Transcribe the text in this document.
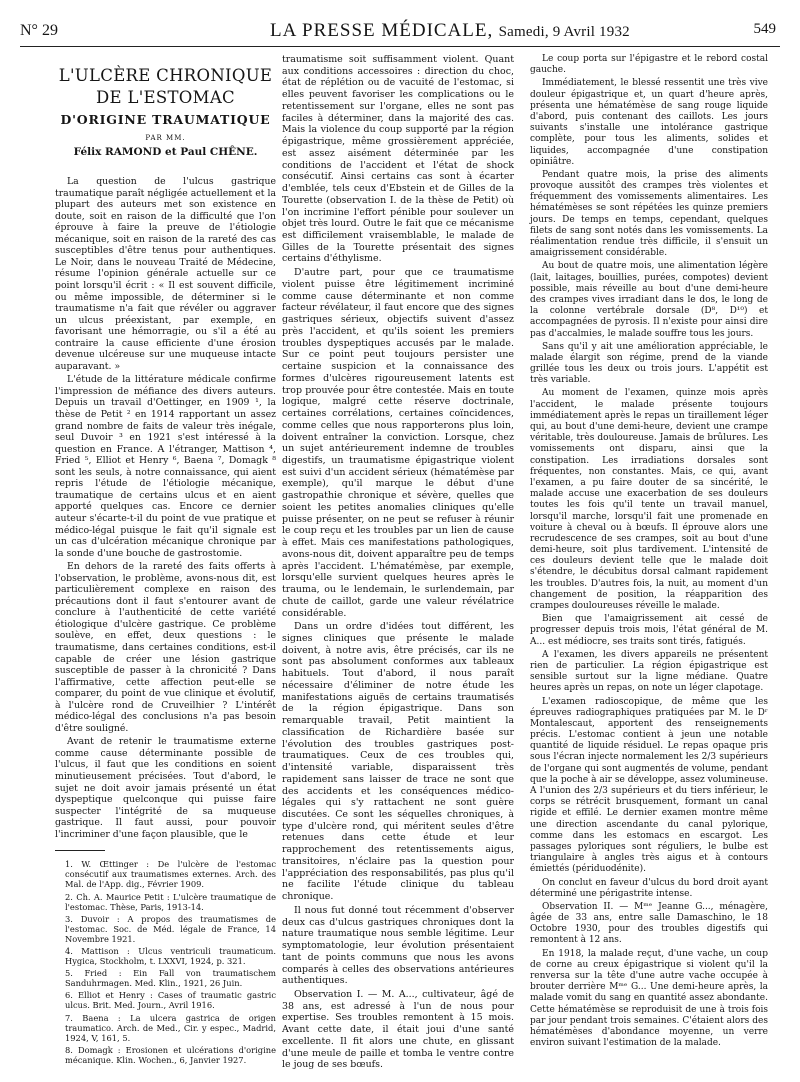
N° 29	LA PRESSE MÉDICALE, Samedi, 9 Avril 1932	549

L'ULCÈRE CHRONIQUE

DE L'ESTOMAC

D'ORIGINE TRAUMATIQUE

PAR MM.

Félix RAMOND et Paul CHÊNE.

La question de l'ulcus gastrique traumatique paraît négligée actuellement et la plupart des auteurs met son existence en doute, soit en raison de la difficulté que l'on éprouve à faire la preuve de l'étiologie mécanique, soit en raison de la rareté des cas susceptibles d'être tenus pour authentiques. Le Noir, dans le nouveau Traité de Médecine, résume l'opinion générale actuelle sur ce point lorsqu'il écrit : « Il est souvent difficile, ou même impossible, de déterminer si le traumatisme n'a fait que révéler ou aggraver un ulcus préexistant, par exemple, en favorisant une hémorragie, ou s'il a été au contraire la cause efficiente d'une érosion devenue ulcéreuse sur une muqueuse intacte auparavant. »

L'étude de la littérature médicale confirme l'impression de méfiance des divers auteurs. Depuis un travail d'Oettinger, en 1909 ¹, la thèse de Petit ² en 1914 rapportant un assez grand nombre de faits de valeur très inégale, seul Duvoir ³ en 1921 s'est intéressé à la question en France. A l'étranger, Mattison ⁴, Fried ⁵, Elliot et Henry ⁶, Baena ⁷, Domagk ⁸ sont les seuls, à notre connaissance, qui aient repris l'étude de l'étiologie mécanique, traumatique de certains ulcus et en aient apporté quelques cas. Encore ce dernier auteur s'écarte-t-il du point de vue pratique et médico-légal puisque le fait qu'il signale est un cas d'ulcération mécanique chronique par la sonde d'une bouche de gastrostomie.

En dehors de la rareté des faits offerts à l'observation, le problème, avons-nous dit, est particulièrement complexe en raison des précautions dont il faut s'entourer avant de conclure à l'authenticité de cette variété étiologique d'ulcère gastrique. Ce problème soulève, en effet, deux questions : le traumatisme, dans certaines conditions, est-il capable de créer une lésion gastrique susceptible de passer à la chronicité ? Dans l'affirmative, cette affection peut-elle se comparer, du point de vue clinique et évolutif, à l'ulcère rond de Cruveilhier ? L'intérêt médico-légal des conclusions n'a pas besoin d'être souligné.

Avant de retenir le traumatisme externe comme cause déterminante possible de l'ulcus, il faut que les conditions en soient minutieusement précisées. Tout d'abord, le sujet ne doit avoir jamais présenté un état dyspeptique quelconque qui puisse faire suspecter l'intégrité de sa muqueuse gastrique. Il faut aussi, pour pouvoir l'incriminer d'une façon plausible, que le

1. W. Œttinger : De l'ulcère de l'estomac consécutif aux traumatismes externes. Arch. des Mal. de l'App. dig., Février 1909.

2. Ch. A. Maurice Petit : L'ulcère traumatique de l'estomac. Thèse, Paris, 1913-14.

3. Duvoir : A propos des traumatismes de l'estomac. Soc. de Méd. légale de France, 14 Novembre 1921.

4. Mattison : Ulcus ventriculi traumaticum. Hygica, Stockholm, t. LXXVI, 1924, p. 321.

5. Fried : Ein Fall von traumatischem Sanduhrmagen. Med. Klin., 1921, 26 Juin.

6. Elliot et Henry : Cases of traumatic gastric ulcus. Brit. Med. Journ., Avril 1916.

7. Baena : La ulcera gastrica de origen traumatico. Arch. de Med., Cir. y espec., Madrid, 1924, V, 161, 5.

8. Domagk : Erosionen et ulcérations d'origine mécanique. Klin. Wochen., 6, Janvier 1927.

traumatisme soit suffisamment violent. Quant aux conditions accessoires : direction du choc, état de réplétion ou de vacuité de l'estomac, si elles peuvent favoriser les complications ou le retentissement sur l'organe, elles ne sont pas faciles à déterminer, dans la majorité des cas. Mais la violence du coup supporté par la région épigastrique, même grossièrement appréciée, est assez aisément déterminée par les conditions de l'accident et l'état de shock consécutif. Ainsi certains cas sont à écarter d'emblée, tels ceux d'Ebstein et de Gilles de la Tourette (observation I. de la thèse de Petit) où l'on incrimine l'effort pénible pour soulever un objet très lourd. Outre le fait que ce mécanisme est difficilement vraisemblable, le malade de Gilles de la Tourette présentait des signes certains d'éthylisme.

D'autre part, pour que ce traumatisme violent puisse être légitimement incriminé comme cause déterminante et non comme facteur révélateur, il faut encore que des signes gastriques sérieux, objectifs suivent d'assez près l'accident, et qu'ils soient les premiers troubles dyspeptiques accusés par le malade. Sur ce point peut toujours persister une certaine suspicion et la connaissance des formes d'ulcères rigoureusement latents est trop prouvée pour être contestée. Mais en toute logique, malgré cette réserve doctrinale, certaines corrélations, certaines coïncidences, comme celles que nous rapporterons plus loin, doivent entraîner la conviction. Lorsque, chez un sujet antérieurement indemne de troubles digestifs, un traumatisme épigastrique violent est suivi d'un accident sérieux (hématémèse par exemple), qu'il marque le début d'une gastropathie chronique et sévère, quelles que soient les petites anomalies cliniques qu'elle puisse présenter, on ne peut se refuser à réunir le coup reçu et les troubles par un lien de cause à effet. Mais ces manifestations pathologiques, avons-nous dit, doivent apparaître peu de temps après l'accident. L'hématémèse, par exemple, lorsqu'elle survient quelques heures après le trauma, ou le lendemain, le surlendemain, par chute de caillot, garde une valeur révélatrice considérable.

Dans un ordre d'idées tout différent, les signes cliniques que présente le malade doivent, à notre avis, être précisés, car ils ne sont pas absolument conformes aux tableaux habituels. Tout d'abord, il nous paraît nécessaire d'éliminer de notre étude les manifestations aiguës de certains traumatisés de la région épigastrique. Dans son remarquable travail, Petit maintient la classification de Richardière basée sur l'évolution des troubles gastriques post-traumatiques. Ceux de ces troubles qui, d'intensité variable, disparaissent très rapidement sans laisser de trace ne sont que des accidents et les conséquences médico-légales qui s'y rattachent ne sont guère discutées. Ce sont les séquelles chroniques, à type d'ulcère rond, qui méritent seules d'être retenues dans cette étude et leur rapprochement des retentissements aigus, transitoires, n'éclaire pas la question pour l'appréciation des responsabilités, pas plus qu'il ne facilite l'étude clinique du tableau chronique.

Il nous fut donné tout récemment d'observer deux cas d'ulcus gastriques chroniques dont la nature traumatique nous semble légitime. Leur symptomatologie, leur évolution présentaient tant de points communs que nous les avons comparés à celles des observations antérieures authentiques.

Observation I. — M. A..., cultivateur, âgé de 38 ans, est adressé à l'un de nous pour expertise. Ses troubles remontent à 15 mois. Avant cette date, il était joui d'une santé excellente. Il fit alors une chute, en glissant d'une meule de paille et tomba le ventre contre le joug de ses bœufs.

Le coup porta sur l'épigastre et le rebord costal gauche.

Immédiatement, le blessé ressentit une très vive douleur épigastrique et, un quart d'heure après, présenta une hématémèse de sang rouge liquide d'abord, puis contenant des caillots. Les jours suivants s'installe une intolérance gastrique complète, pour tous les aliments, solides et liquides, accompagnée d'une constipation opiniâtre.

Pendant quatre mois, la prise des aliments provoque aussitôt des crampes très violentes et fréquemment des vomissements alimentaires. Les hématémèses se sont répétées les quinze premiers jours. De temps en temps, cependant, quelques filets de sang sont notés dans les vomissements. La réalimentation rendue très difficile, il s'ensuit un amaigrissement considérable.

Au bout de quatre mois, une alimentation légère (lait, laitages, bouillies, purées, compotes) devient possible, mais réveille au bout d'une demi-heure des crampes vives irradiant dans le dos, le long de la colonne vertébrale dorsale (D⁸, D¹⁰) et accompagnées de pyrosis. Il n'existe pour ainsi dire pas d'accalmies, le malade souffre tous les jours.

Sans qu'il y ait une amélioration appréciable, le malade élargit son régime, prend de la viande grillée tous les deux ou trois jours. L'appétit est très variable.

Au moment de l'examen, quinze mois après l'accident, le malade présente toujours immédiatement après le repas un tiraillement léger qui, au bout d'une demi-heure, devient une crampe véritable, très douloureuse. Jamais de brûlures. Les vomissements ont disparu, ainsi que la constipation. Les irradiations dorsales sont fréquentes, non constantes. Mais, ce qui, avant l'examen, a pu faire douter de sa sincérité, le malade accuse une exacerbation de ses douleurs toutes les fois qu'il tente un travail manuel, lorsqu'il marche, lorsqu'il fait une promenade en voiture à cheval ou à bœufs. Il éprouve alors une recrudescence de ses crampes, soit au bout d'une demi-heure, soit plus tardivement. L'intensité de ces douleurs devient telle que le malade doit s'étendre, le décubitus dorsal calmant rapidement les troubles. D'autres fois, la nuit, au moment d'un changement de position, la réapparition des crampes douloureuses réveille le malade.

Bien que l'amaigrissement ait cessé de progresser depuis trois mois, l'état général de M. A... est médiocre, ses traits sont tirés, fatigués.

A l'examen, les divers appareils ne présentent rien de particulier. La région épigastrique est sensible surtout sur la ligne médiane. Quatre heures après un repas, on note un léger clapotage.

L'examen radioscopique, de même que les épreuves radiographiques pratiquées par M. le Dʳ Montalescaut, apportent des renseignements précis. L'estomac contient à jeun une notable quantité de liquide résiduel. Le repas opaque pris sous l'écran injecte normalement les 2/3 supérieurs de l'organe qui sont augmentés de volume, pendant que la poche à air se développe, assez volumineuse. A l'union des 2/3 supérieurs et du tiers inférieur, le corps se rétrécit brusquement, formant un canal rigide et effilé. Le dernier examen montre même une direction ascendante du canal pylorique, comme dans les estomacs en escargot. Les passages pyloriques sont réguliers, le bulbe est triangulaire à angles très aigus et à contours émiettés (périduodénite).

On conclut en faveur d'ulcus du bord droit ayant déterminé une périgastrite intense.

Observation II. — Mᵐᵉ Jeanne G..., ménagère, âgée de 33 ans, entre salle Damaschino, le 18 Octobre 1930, pour des troubles digestifs qui remontent à 12 ans.

En 1918, la malade reçut, d'une vache, un coup de corne au creux épigastrique si violent qu'il la renversa sur la tête d'une autre vache occupée à brouter derrière Mᵐᵉ G... Une demi-heure après, la malade vomit du sang en quantité assez abondante. Cette hématémèse se reproduisit de une à trois fois par jour pendant trois semaines. C'étaient alors des hématémèses d'abondance moyenne, un verre environ suivant l'estimation de la malade.
